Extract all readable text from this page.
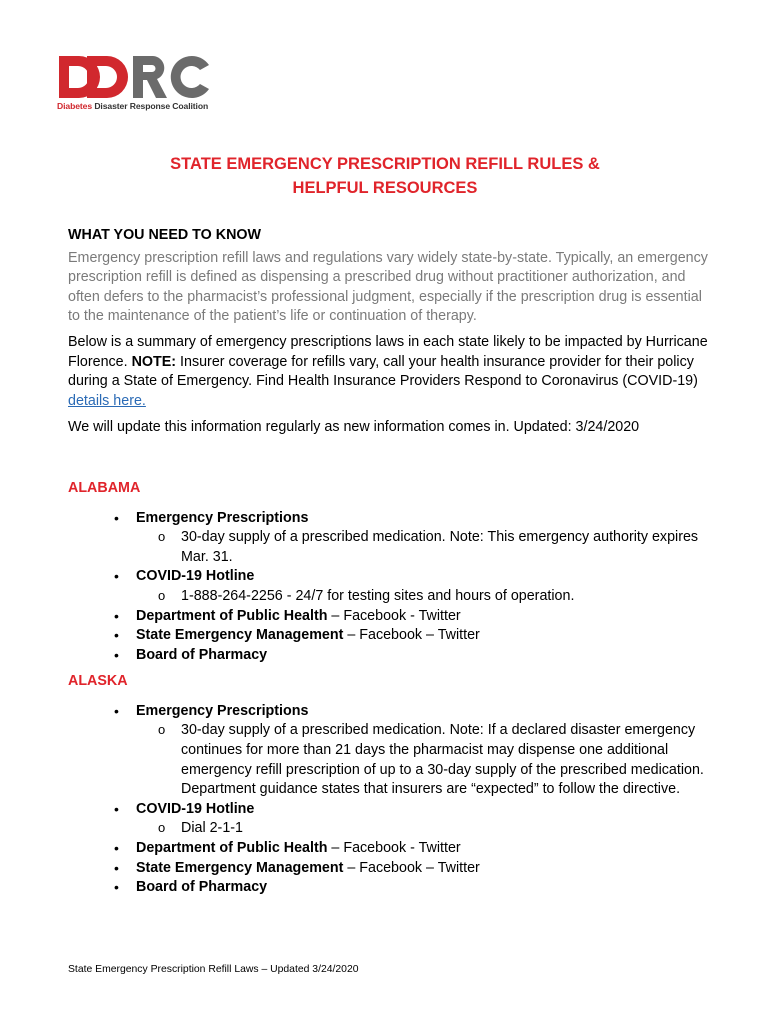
Diabetes Disaster Response Coalition
STATE EMERGENCY PRESCRIPTION REFILL RULES &
HELPFUL RESOURCES
WHAT YOU NEED TO KNOW
Emergency prescription refill laws and regulations vary widely state-by-state. Typically, an emergency prescription refill is defined as dispensing a prescribed drug without practitioner authorization, and often defers to the pharmacist’s professional judgment, especially if the prescription drug is essential to the maintenance of the patient’s life or continuation of therapy.
Below is a summary of emergency prescriptions laws in each state likely to be impacted by Hurricane Florence. NOTE: Insurer coverage for refills vary, call your health insurance provider for their policy during a State of Emergency. Find Health Insurance Providers Respond to Coronavirus (COVID-19) details here.
We will update this information regularly as new information comes in. Updated: 3/24/2020
ALABAMA
• Emergency Prescriptions
o 30-day supply of a prescribed medication. Note: This emergency authority expires Mar. 31.
• COVID-19 Hotline
o 1-888-264-2256 - 24/7 for testing sites and hours of operation.
• Department of Public Health – Facebook - Twitter
• State Emergency Management – Facebook – Twitter
• Board of Pharmacy
ALASKA
• Emergency Prescriptions
o 30-day supply of a prescribed medication. Note: If a declared disaster emergency continues for more than 21 days the pharmacist may dispense one additional emergency refill prescription of up to a 30-day supply of the prescribed medication. Department guidance states that insurers are “expected” to follow the directive.
• COVID-19 Hotline
o Dial 2-1-1
• Department of Public Health – Facebook - Twitter
• State Emergency Management – Facebook – Twitter
• Board of Pharmacy
State Emergency Prescription Refill Laws – Updated 3/24/2020
